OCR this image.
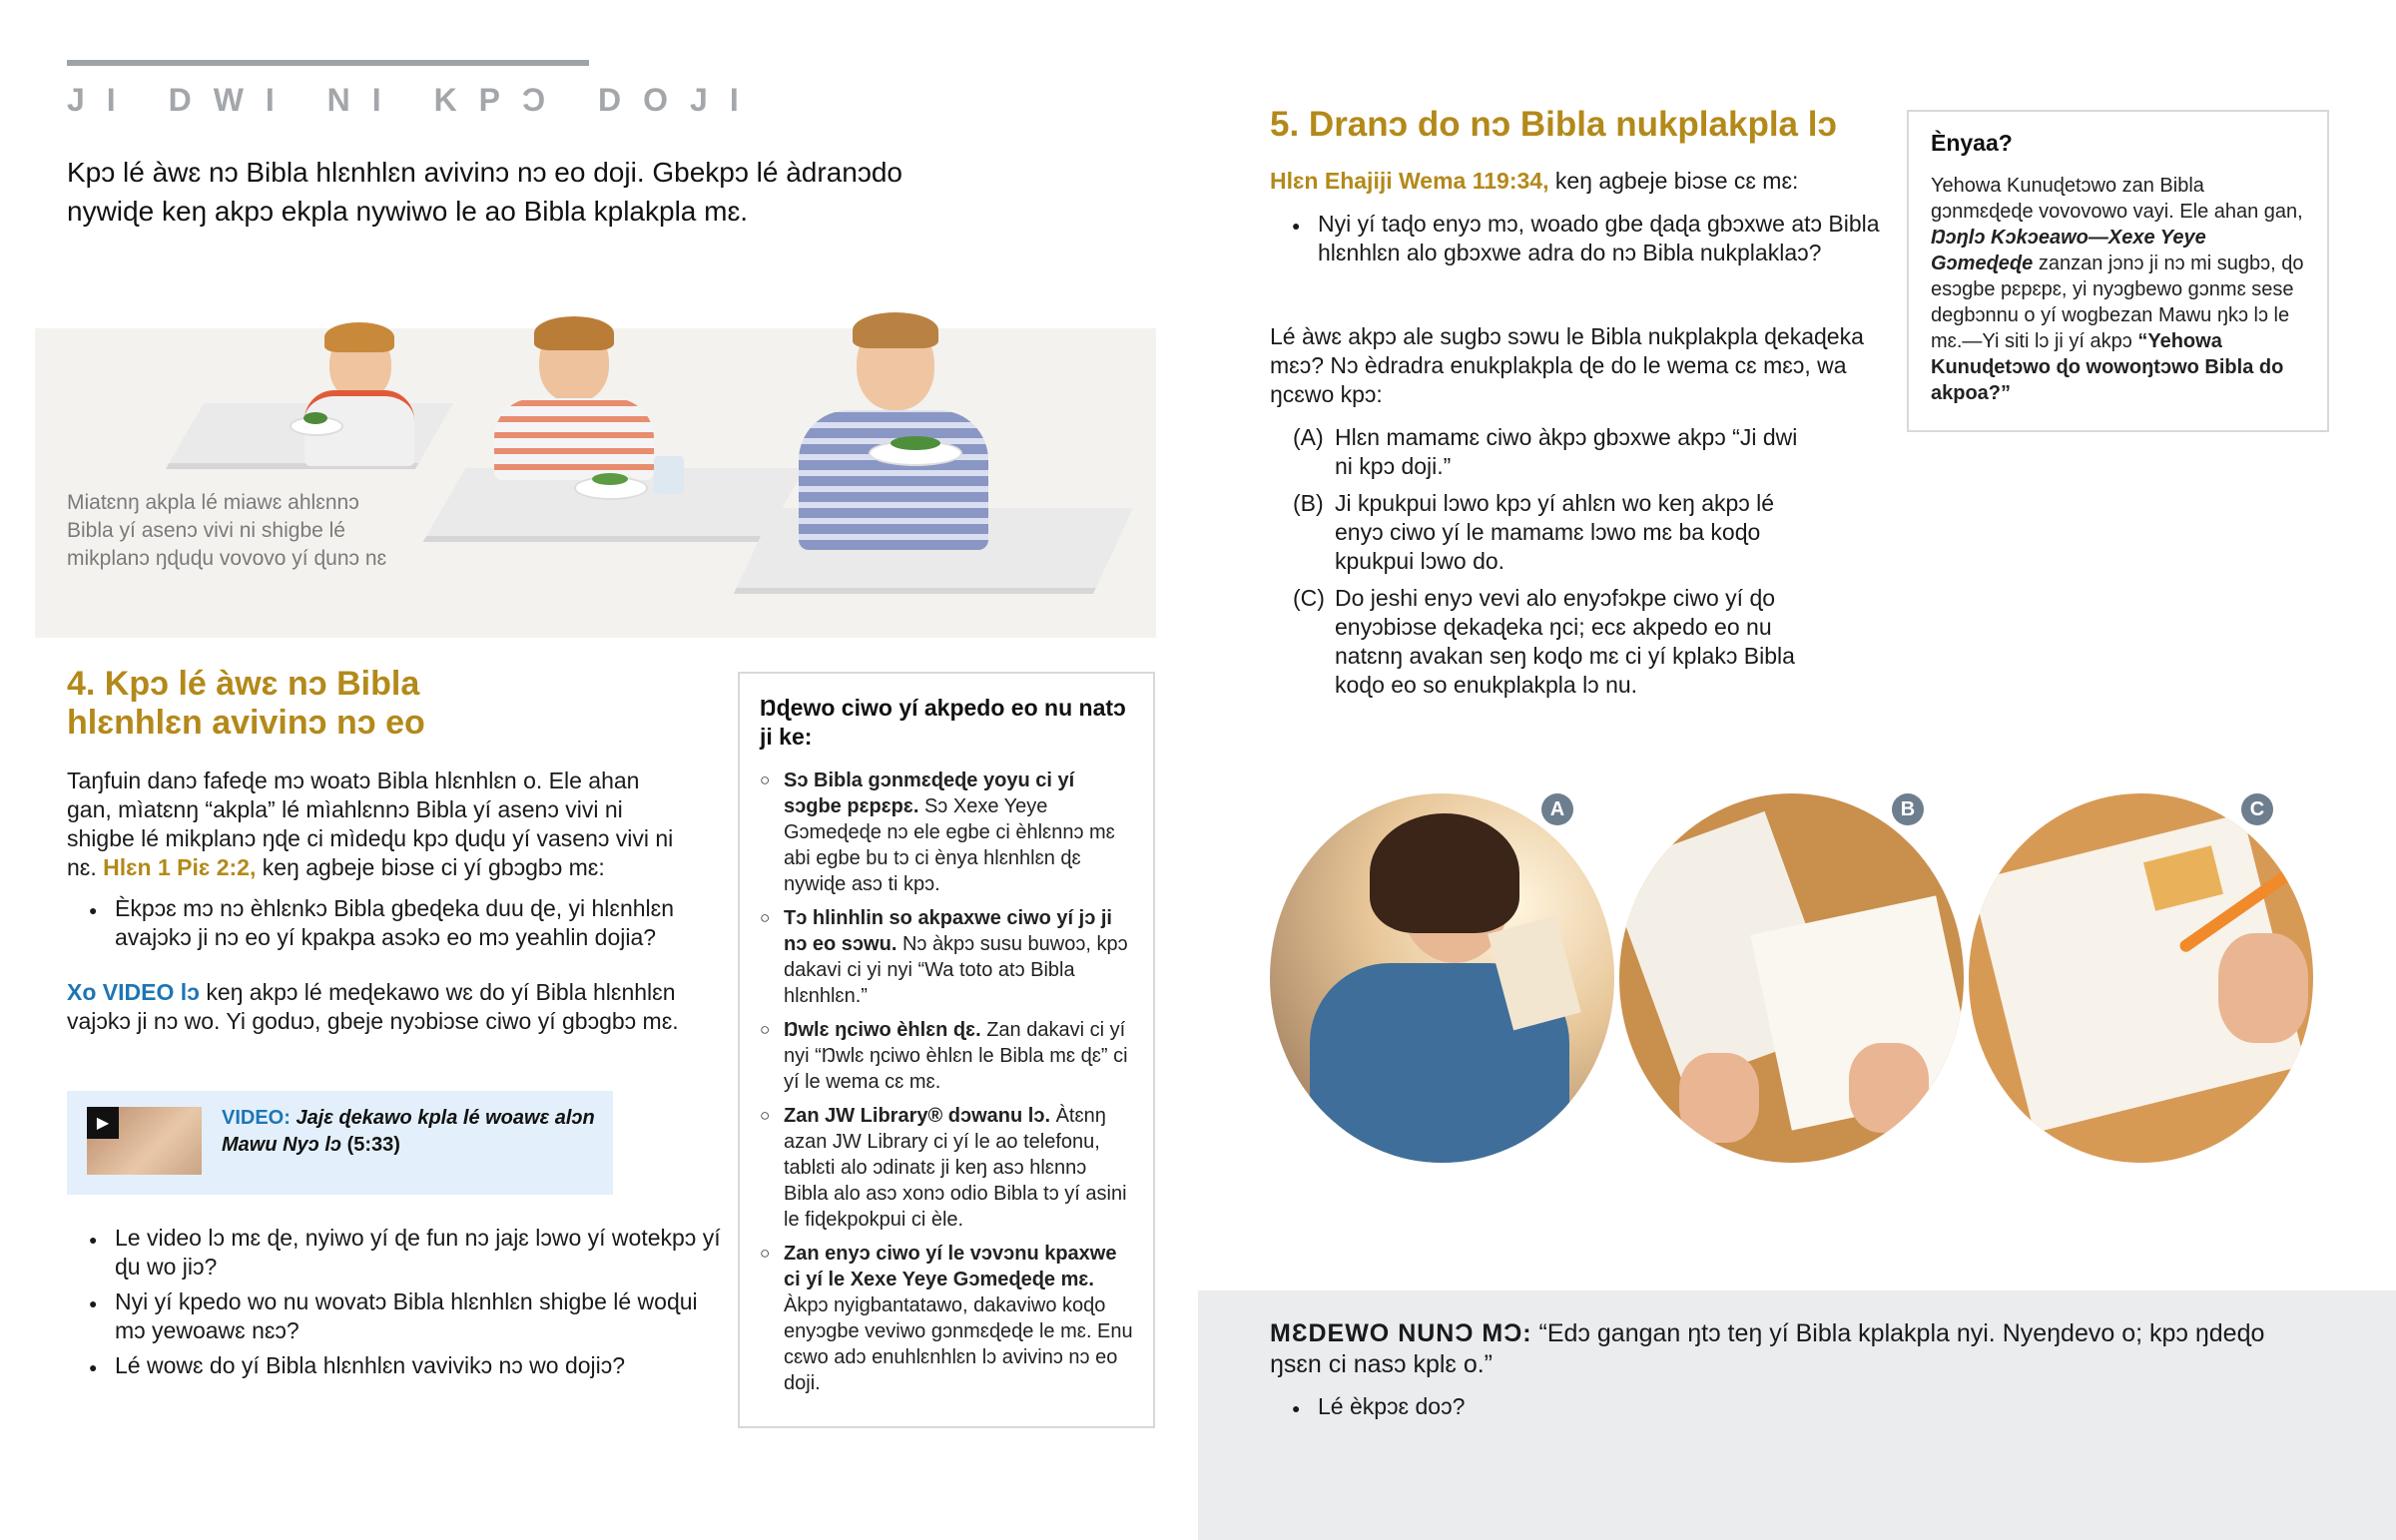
JI DWI NI KPƆ DOJI
Kpɔ lé àwɛ nɔ Bibla hlɛnhlɛn avivinɔ nɔ eo doji. Gbekpɔ lé àdranɔdo nywiɖe keŋ akpɔ ekpla nywiwo le ao Bibla kplakpla mɛ.
Miatɛnŋ akpla lé miawɛ ahlɛnnɔ Bibla yí asenɔ vivi ni shigbe lé mikplanɔ ŋɖuɖu vovovo yí ɖunɔ nɛ
4. Kpɔ lé àwɛ nɔ Bibla
hlɛnhlɛn avivinɔ nɔ eo
Taŋfuin danɔ fafeɖe mɔ woatɔ Bibla hlɛnhlɛn o. Ele ahan gan, mìatɛnŋ “akpla” lé mìahlɛnnɔ Bibla yí asenɔ vivi ni shigbe lé mikplanɔ ŋɖe ci mìdeɖu kpɔ ɖuɖu yí vasenɔ vivi ni nɛ. Hlɛn 1 Piɛ 2:2, keŋ agbeje biɔse ci yí gbɔgbɔ mɛ:
● Èkpɔɛ mɔ nɔ èhlɛnkɔ Bibla gbeɖeka duu ɖe, yi hlɛnhlɛn avajɔkɔ ji nɔ eo yí kpakpa asɔkɔ eo mɔ yeahlin dojia?
Xo VIDEO lɔ keŋ akpɔ lé meɖekawo wɛ do yí Bibla hlɛnhlɛn vajɔkɔ ji nɔ wo. Yi goduɔ, gbeje nyɔbiɔse ciwo yí gbɔgbɔ mɛ.
▶	VIDEO: Jajɛ ɖekawo kpla lé woawɛ alɔn Mawu Nyɔ lɔ (5:33)
● Le video lɔ mɛ ɖe, nyiwo yí ɖe fun nɔ jajɛ lɔwo yí wotekpɔ yí ɖu wo jiɔ?
● Nyi yí kpedo wo nu wovatɔ Bibla hlɛnhlɛn shigbe lé woɖui mɔ yewoawɛ nɛɔ?
● Lé wowɛ do yí Bibla hlɛnhlɛn vavivikɔ nɔ wo dojiɔ?
Ŋɖewo ciwo yí akpedo eo nu natɔ ji ke:
○ Sɔ Bibla gɔnmɛɖeɖe yoyu ci yí sɔgbe pɛpɛpɛ. Sɔ Xexe Yeye Gɔmeɖeɖe nɔ ele egbe ci èhlɛnnɔ mɛ abi egbe bu tɔ ci ènya hlɛnhlɛn ɖɛ nywiɖe asɔ ti kpɔ.
○ Tɔ hlinhlin so akpaxwe ciwo yí jɔ ji nɔ eo sɔwu. Nɔ àkpɔ susu buwoɔ, kpɔ dakavi ci yi nyi “Wa toto atɔ Bibla hlɛnhlɛn.”
○ Ŋwlɛ ŋciwo èhlɛn ɖɛ. Zan dakavi ci yí nyi “Ŋwlɛ ŋciwo èhlɛn le Bibla mɛ ɖɛ” ci yí le wema cɛ mɛ.
○ Zan JW Library® dɔwanu lɔ. Àtɛnŋ azan JW Library ci yí le ao telefonu, tablɛti alo ɔdinatɛ ji keŋ asɔ hlɛnnɔ Bibla alo asɔ xonɔ odio Bibla tɔ yí asini le fiɖekpokpui ci èle.
○ Zan enyɔ ciwo yí le vɔvɔnu kpaxwe ci yí le Xexe Yeye Gɔmeɖeɖe mɛ. Àkpɔ nyigbantatawo, dakaviwo koɖo enyɔgbe veviwo gɔnmɛɖeɖe le mɛ. Enu cɛwo adɔ enuhlɛnhlɛn lɔ avivinɔ nɔ eo doji.
5. Dranɔ do nɔ Bibla nukplakpla lɔ
Hlɛn Ehajiji Wema 119:34, keŋ agbeje biɔse cɛ mɛ:
● Nyi yí taɖo enyɔ mɔ, woado gbe ɖaɖa gbɔxwe atɔ Bibla hlɛnhlɛn alo gbɔxwe adra do nɔ Bibla nukplaklaɔ?
Lé àwɛ akpɔ ale sugbɔ sɔwu le Bibla nukplakpla ɖekaɖeka mɛɔ? Nɔ èdradra enukplakpla ɖe do le wema cɛ mɛɔ, wa ŋcɛwo kpɔ:
(A) Hlɛn mamamɛ ciwo àkpɔ gbɔxwe akpɔ “Ji dwi ni kpɔ doji.”
(B) Ji kpukpui lɔwo kpɔ yí ahlɛn wo keŋ akpɔ lé enyɔ ciwo yí le mamamɛ lɔwo mɛ ba koɖo kpukpui lɔwo do.
(C) Do jeshi enyɔ vevi alo enyɔfɔkpe ciwo yí ɖo enyɔbiɔse ɖekaɖeka ŋci; ecɛ akpedo eo nu natɛnŋ avakan seŋ koɖo mɛ ci yí kplakɔ Bibla koɖo eo so enukplakpla lɔ nu.
Ènyaa?
Yehowa Kunuɖetɔwo zan Bibla gɔnmɛɖeɖe vovovowo vayi. Ele ahan gan, Ŋɔŋlɔ Kɔkɔeawo—Xexe Yeye Gɔmeɖeɖe zanzan jɔnɔ ji nɔ mi sugbɔ, ɖo esɔgbe pɛpɛpɛ, yi nyɔgbewo gɔnmɛ sese degbɔnnu o yí wogbezan Mawu ŋkɔ lɔ le mɛ.—Yi siti lɔ ji yí akpɔ “Yehowa Kunuɖetɔwo ɖo wowoŋtɔwo Bibla do akpoa?”
A	B	C
MƐDEWO NUNƆ MƆ: “Edɔ gangan ŋtɔ teŋ yí Bibla kplakpla nyi. Nyeŋdevo o; kpɔ ŋdeɖo ŋsɛn ci nasɔ kplɛ o.”
● Lé èkpɔɛ doɔ?
